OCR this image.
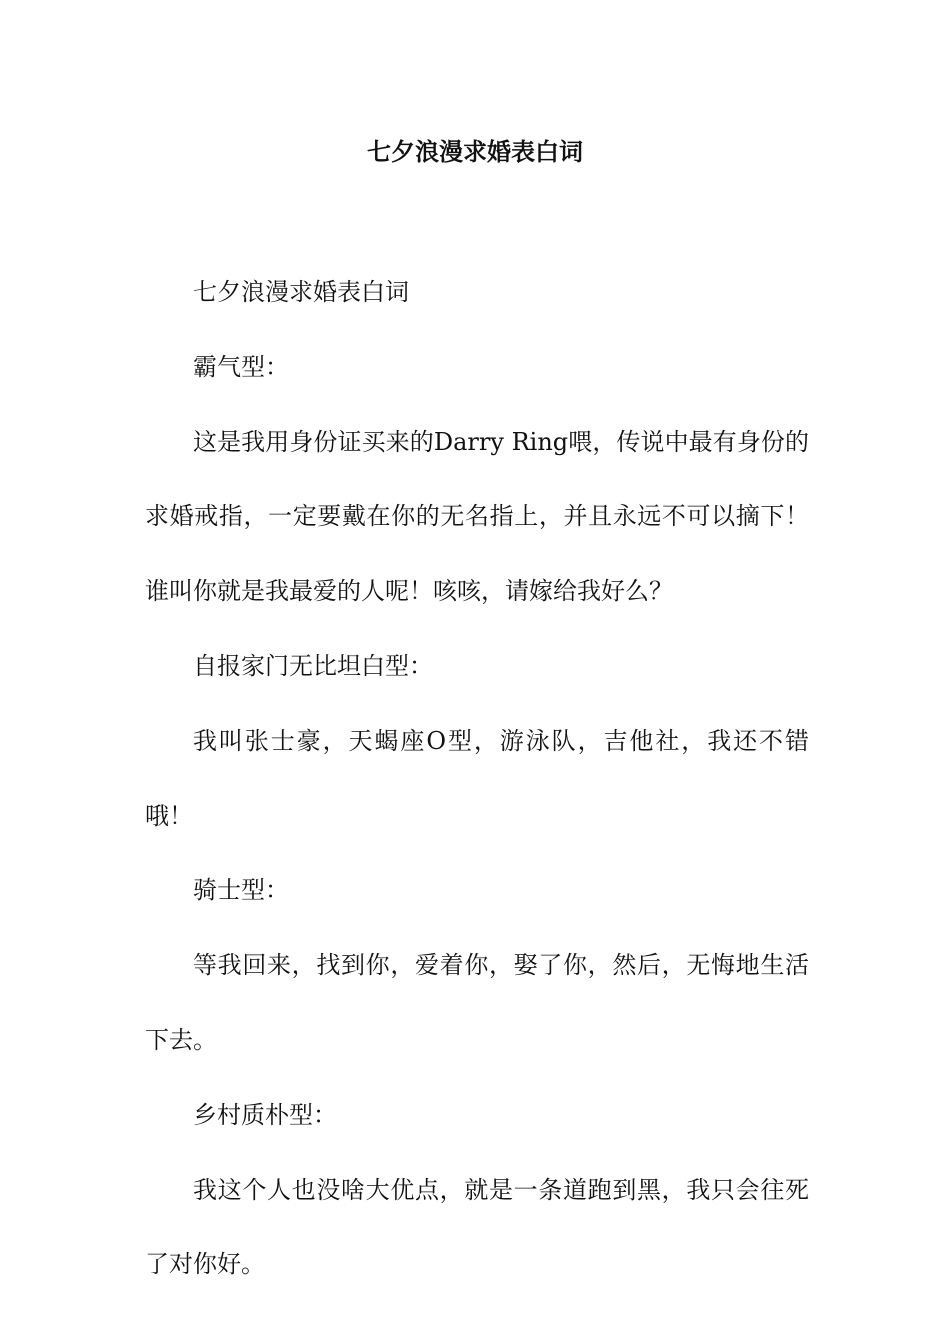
七夕浪漫求婚表白词

七夕浪漫求婚表白词

霸气型：

这是我用身份证买来的Darry Ring喂，传说中最有身份的求婚戒指，一定要戴在你的无名指上，并且永远不可以摘下！谁叫你就是我最爱的人呢！咳咳，请嫁给我好么？

自报家门无比坦白型：

我叫张士豪，天蝎座O型，游泳队，吉他社，我还不错哦！

骑士型：

等我回来，找到你，爱着你，娶了你，然后，无悔地生活下去。

乡村质朴型：

我这个人也没啥大优点，就是一条道跑到黑，我只会往死了对你好。
